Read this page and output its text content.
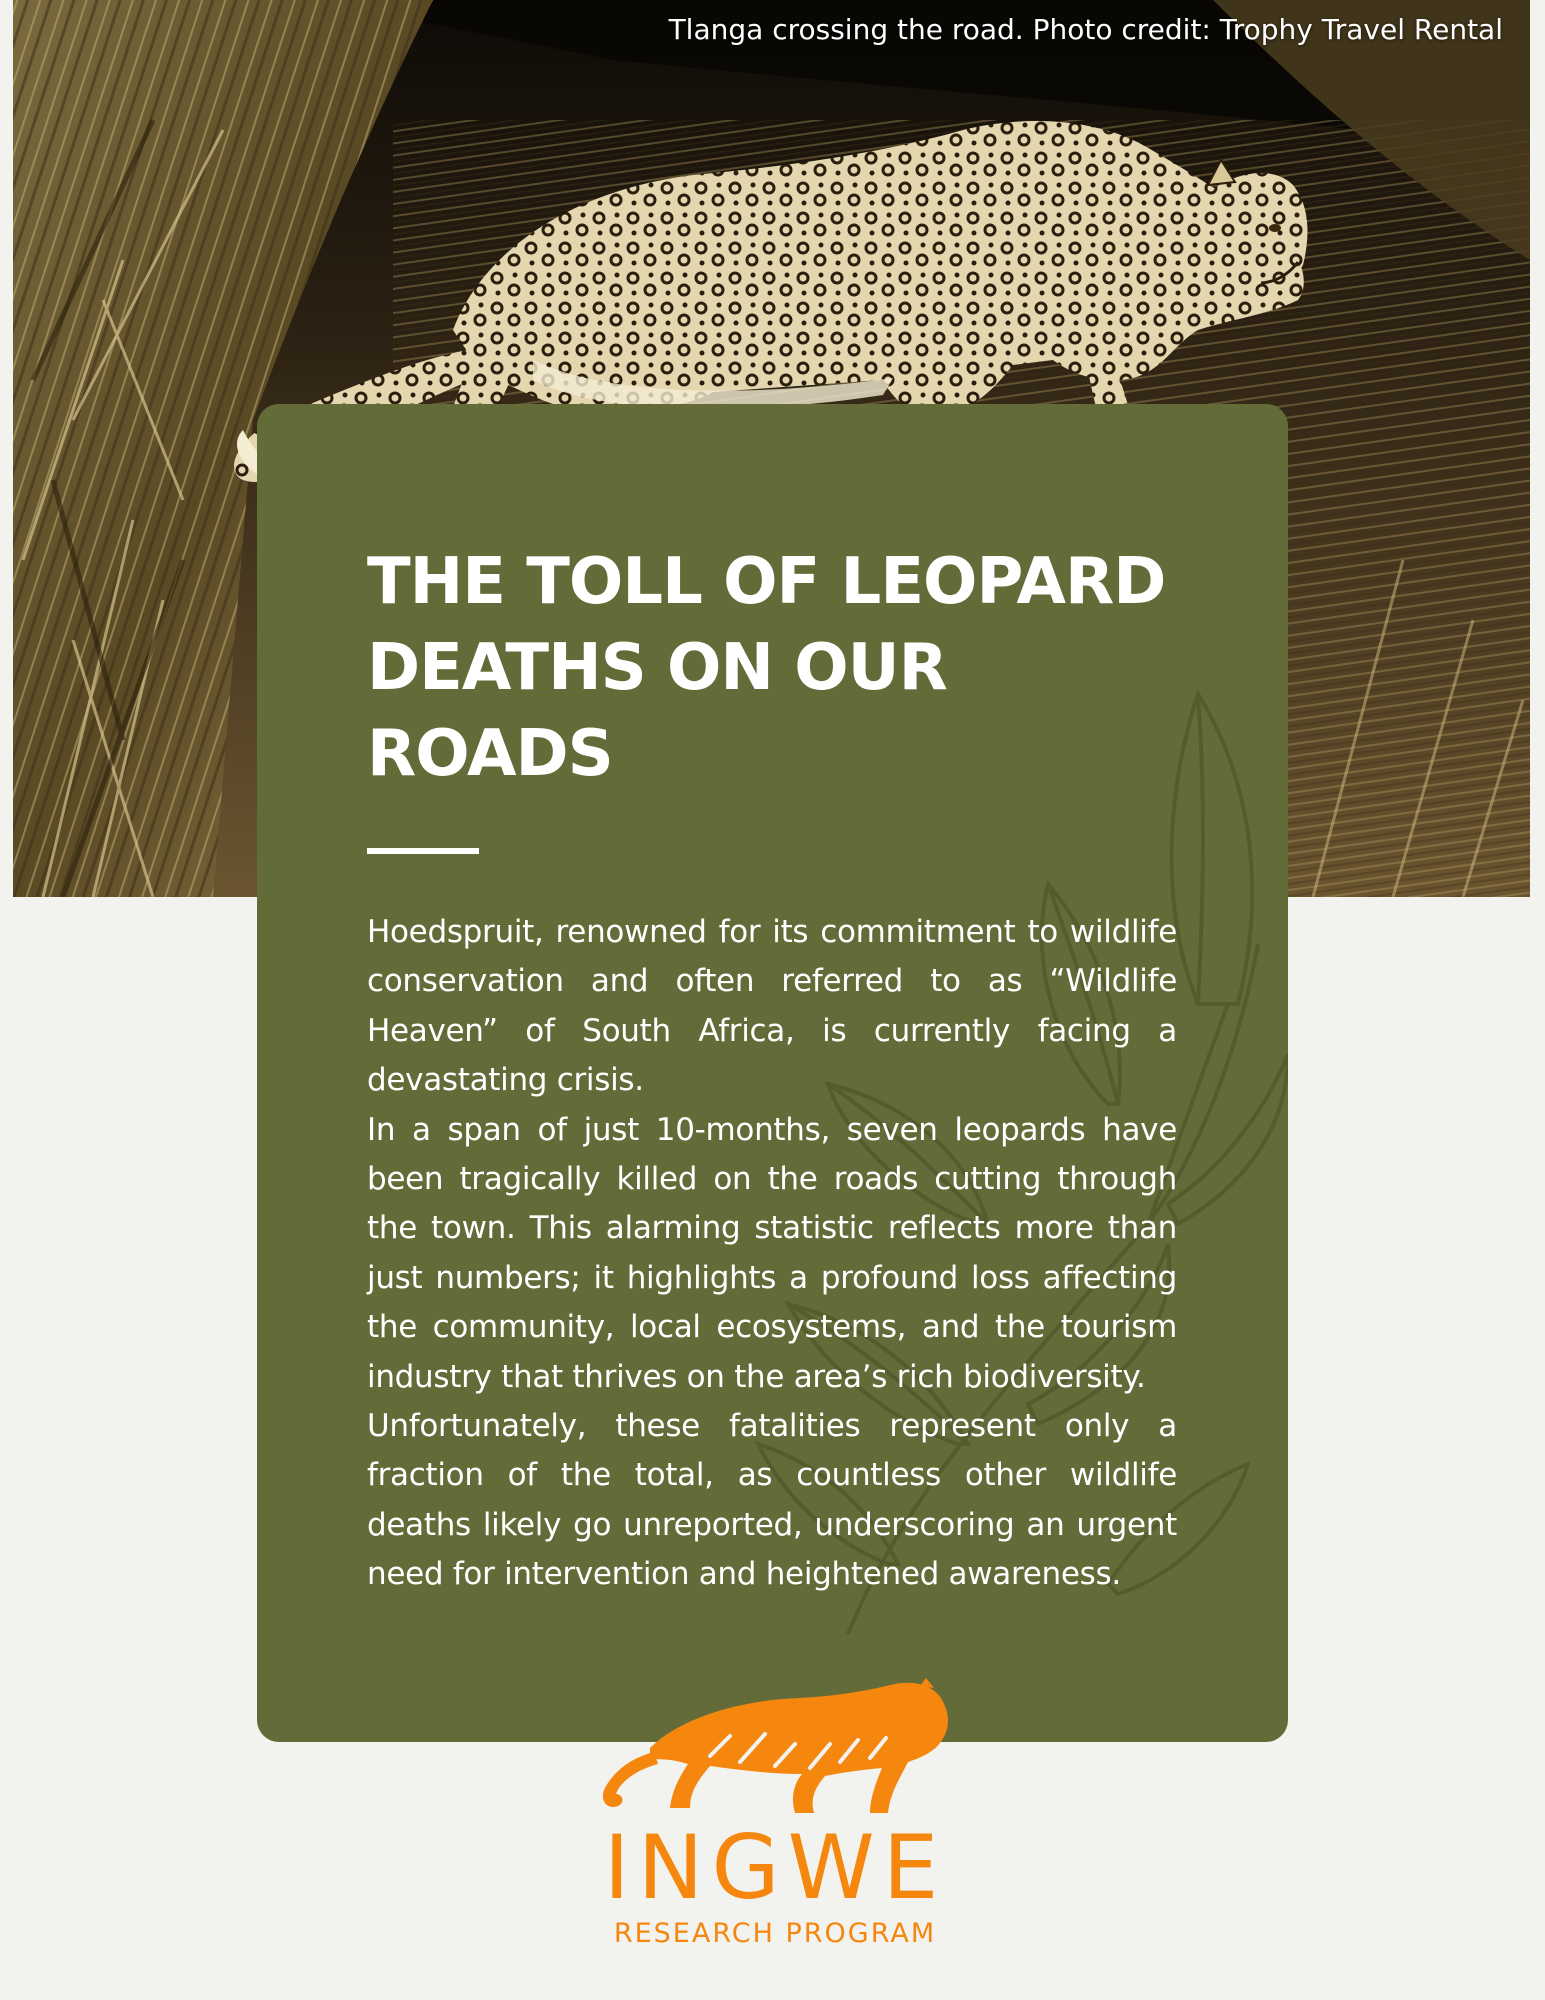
Tlanga crossing the road. Photo credit: Trophy Travel Rental
THE TOLL OF LEOPARD DEATHS ON OUR ROADS

Hoedspruit, renowned for its commitment to wildlife conservation and often referred to as “Wildlife Heaven” of South Africa, is currently facing a devastating crisis.

In a span of just 10-months, seven leopards have been tragically killed on the roads cutting through the town. This alarming statistic reflects more than just numbers; it highlights a profound loss affecting the community, local ecosystems, and the tourism industry that thrives on the area’s rich biodiversity.

Unfortunately, these fatalities represent only a fraction of the total, as countless other wildlife deaths likely go unreported, underscoring an urgent need for intervention and heightened awareness.

INGWE
RESEARCH PROGRAM
